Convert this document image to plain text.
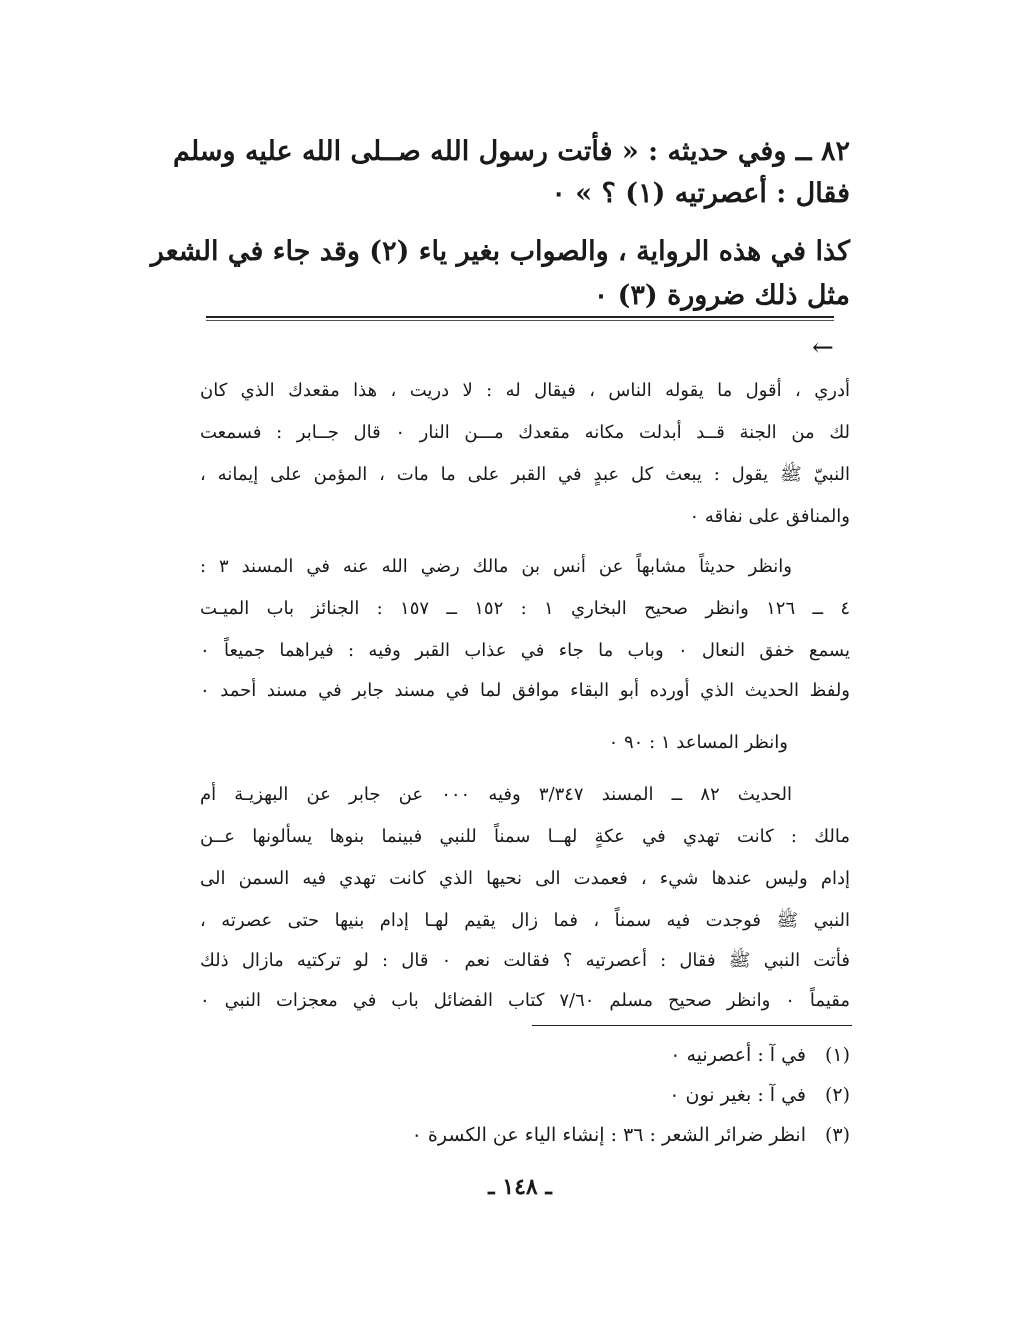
٨٢ ــ وفي حديثه : « فأتت رسول الله صــلى الله عليه وسلم
فقال : أعصرتيه (١) ؟ » ٠
كذا في هذه الرواية ، والصواب بغير ياء (٢) وقد جاء في الشعر
مثل ذلك ضرورة (٣) ٠
←
أدري ، أقول ما يقوله الناس ، فيقال له : لا دريت ، هذا مقعدك الذي كان
لك من الجنة قــد أبدلت مكانه مقعدك مـــن النار ٠ قال جــابر : فسمعت
النبيّ ﷺ يقول : يبعث كل عبدٍ في القبر على ما مات ، المؤمن على إيمانه ،
والمنافق على نفاقه ٠
وانظر حديثاً مشابهاً عن أنس بن مالك رضي الله عنه في المسند ٣ :
٤ ــ ١٢٦ وانظر صحيح البخاري ١ : ١٥٢ ــ ١٥٧ : الجنائز باب الميـت
يسمع خفق النعال ٠ وباب ما جاء في عذاب القبر وفيه : فيراهما جميعاً ٠
ولفظ الحديث الذي أورده أبو البقاء موافق لما في مسند جابر في مسند أحمد ٠
وانظر المساعد ١ : ٩٠ ٠
الحديث ٨٢ ــ المسند ٣/٣٤٧ وفيه ٠٠٠ عن جابر عن البهزيـة أم
مالك : كانت تهدي في عكةٍ لهــا سمناً للنبي فبينما بنوها يسألونها عــن
إدام وليس عندها شيء ، فعمدت الى نحيها الذي كانت تهدي فيه السمن الى
النبي ﷺ فوجدت فيه سمناً ، فما زال يقيم لهـا إدام بنيها حتى عصرته ،
فأتت النبي ﷺ فقال : أعصرتيه ؟ فقالت نعم ٠ قال : لو تركتيه مازال ذلك
مقيماً ٠ وانظر صحيح مسلم ٧/٦٠ كتاب الفضائل باب في معجزات النبي ٠
(١)في آ : أعصرنيه ٠
(٢)في آ : بغير نون ٠
(٣)انظر ضرائر الشعر : ٣٦ : إنشاء الياء عن الكسرة ٠
ـ ١٤٨ ـ
